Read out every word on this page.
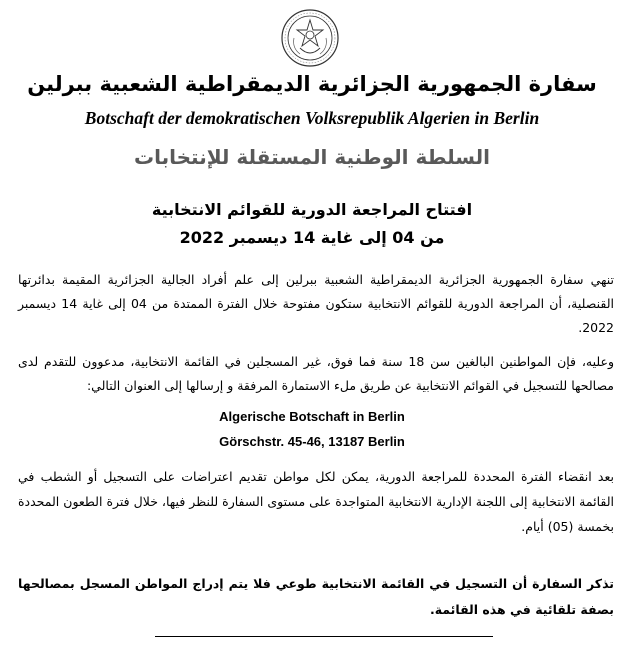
سفارة الجمهورية الجزائرية الديمقراطية الشعبية ببرلين
Botschaft der demokratischen Volksrepublik Algerien in Berlin
السلطة الوطنية المستقلة للإنتخابات
افتتاح المراجعة الدورية للقوائم الانتخابية
من 04 إلى غاية 14 ديسمبر 2022
تنهي سفارة الجمهورية الجزائرية الديمقراطية الشعبية ببرلين إلى علم أفراد الجالية الجزائرية المقيمة بدائرتها القنصلية، أن المراجعة الدورية للقوائم الانتخابية ستكون مفتوحة خلال الفترة الممتدة من 04 إلى غاية 14 ديسمبر 2022.
وعليه، فإن المواطنين البالغين سن 18 سنة فما فوق، غير المسجلين في القائمة الانتخابية، مدعوون للتقدم لدى مصالحها للتسجيل في القوائم الانتخابية عن طريق ملء الاستمارة المرفقة و إرسالها إلى العنوان التالي:
Algerische Botschaft in Berlin
Görschstr. 45-46, 13187 Berlin
بعد انقضاء الفترة المحددة للمراجعة الدورية، يمكن لكل مواطن تقديم اعتراضات على التسجيل أو الشطب في القائمة الانتخابية إلى اللجنة الإدارية الانتخابية المتواجدة على مستوى السفارة للنظر فيها، خلال فترة الطعون المحددة بخمسة (05) أيام.
تذكر السفارة أن التسجيل في القائمة الانتخابية طوعي فلا يتم إدراج المواطن المسجل بمصالحها بصفة تلقائية في هذه القائمة.
